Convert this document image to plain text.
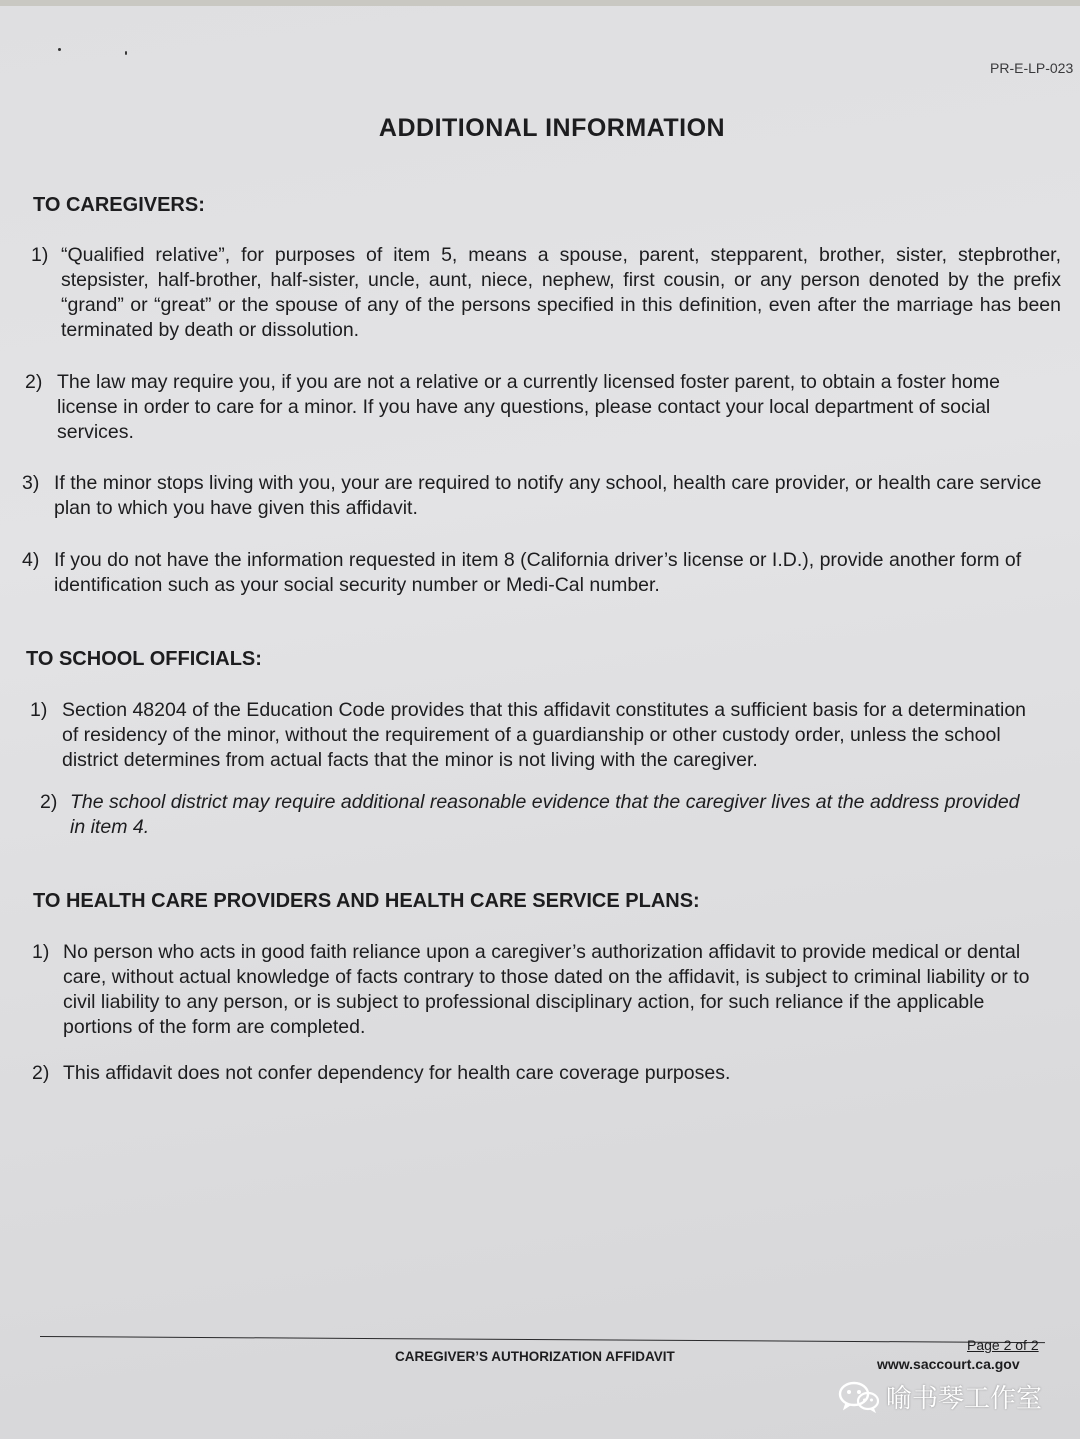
PR-E-LP-023
ADDITIONAL INFORMATION
TO CAREGIVERS:
1) “Qualified relative”, for purposes of item 5, means a spouse, parent, stepparent, brother, sister, stepbrother, stepsister, half-brother, half-sister, uncle, aunt, niece, nephew, first cousin, or any person denoted by the prefix “grand” or “great” or the spouse of any of the persons specified in this definition, even after the marriage has been terminated by death or dissolution.
2) The law may require you, if you are not a relative or a currently licensed foster parent, to obtain a foster home license in order to care for a minor. If you have any questions, please contact your local department of social services.
3) If the minor stops living with you, your are required to notify any school, health care provider, or health care service plan to which you have given this affidavit.
4) If you do not have the information requested in item 8 (California driver’s license or I.D.), provide another form of identification such as your social security number or Medi-Cal number.
TO SCHOOL OFFICIALS:
1) Section 48204 of the Education Code provides that this affidavit constitutes a sufficient basis for a determination of residency of the minor, without the requirement of a guardianship or other custody order, unless the school district determines from actual facts that the minor is not living with the caregiver.
2) The school district may require additional reasonable evidence that the caregiver lives at the address provided in item 4.
TO HEALTH CARE PROVIDERS AND HEALTH CARE SERVICE PLANS:
1) No person who acts in good faith reliance upon a caregiver’s authorization affidavit to provide medical or dental care, without actual knowledge of facts contrary to those dated on the affidavit, is subject to criminal liability or to civil liability to any person, or is subject to professional disciplinary action, for such reliance if the applicable portions of the form are completed.
2) This affidavit does not confer dependency for health care coverage purposes.
CAREGIVER’S AUTHORIZATION AFFIDAVIT
Page 2 of 2
www.saccourt.ca.gov
喻书琴工作室
